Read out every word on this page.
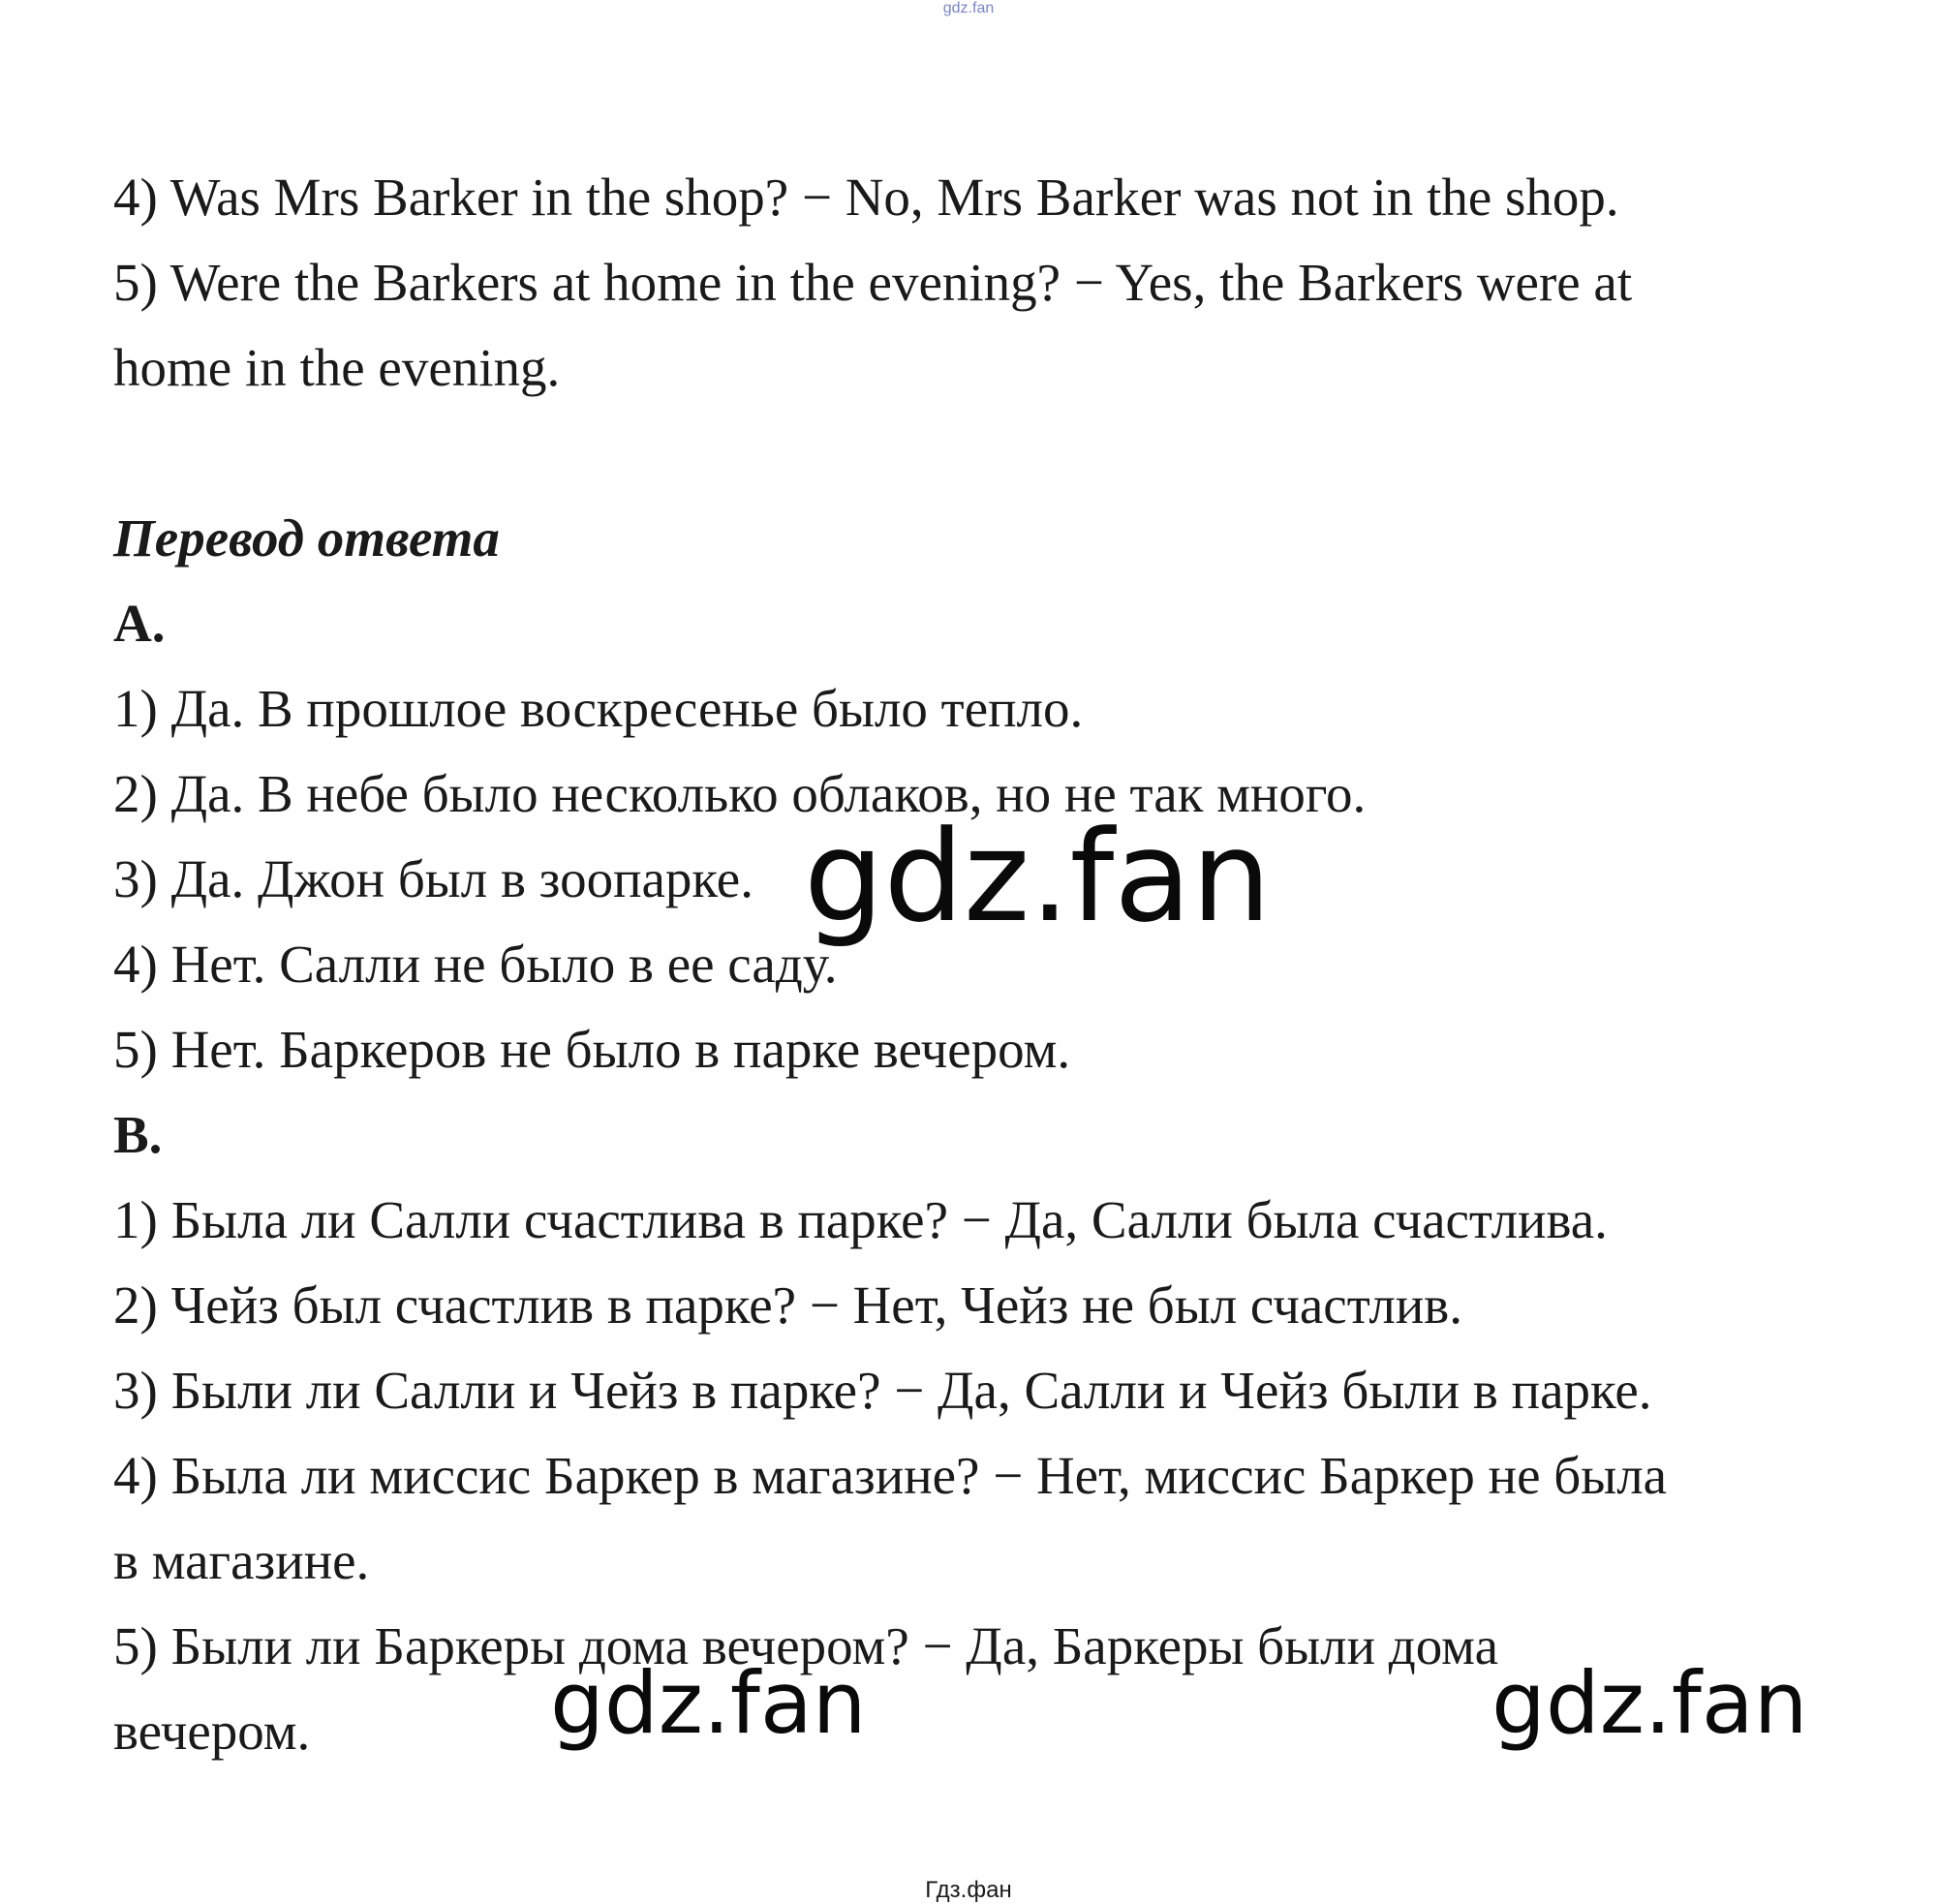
gdz.fan
4) Was Mrs Barker in the shop? − No, Mrs Barker was not in the shop.
5) Were the Barkers at home in the evening? − Yes, the Barkers were at
home in the evening.
Перевод ответа
A.
1) Да. В прошлое воскресенье было тепло.
2) Да. В небе было несколько облаков, но не так много.
3) Да. Джон был в зоопарке.
4) Нет. Салли не было в ее саду.
5) Нет. Баркеров не было в парке вечером.
B.
1) Была ли Салли счастлива в парке? − Да, Салли была счастлива.
2) Чейз был счастлив в парке? − Нет, Чейз не был счастлив.
3) Были ли Салли и Чейз в парке? − Да, Салли и Чейз были в парке.
4) Была ли миссис Баркер в магазине? − Нет, миссис Баркер не была
в магазине.
5) Были ли Баркеры дома вечером? − Да, Баркеры были дома
вечером.
gdz.fan
gdz.fan	gdz.fan
Гдз.фан
